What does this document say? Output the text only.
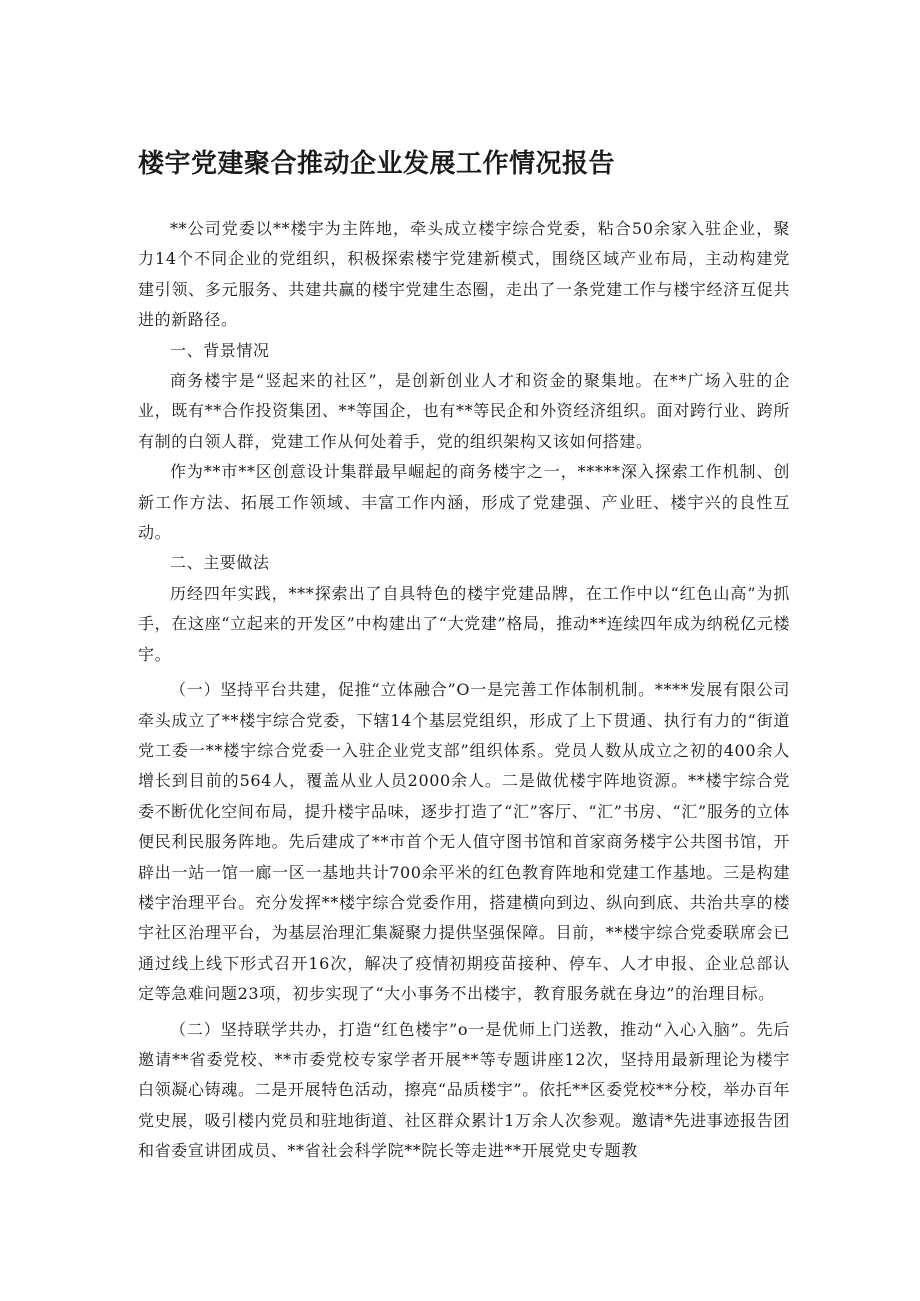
楼宇党建聚合推动企业发展工作情况报告

**公司党委以**楼宇为主阵地，牵头成立楼宇综合党委，粘合50余家入驻企业，聚力14个不同企业的党组织，积极探索楼宇党建新模式，围绕区域产业布局，主动构建党建引领、多元服务、共建共赢的楼宇党建生态圈，走出了一条党建工作与楼宇经济互促共进的新路径。

一、背景情况

商务楼宇是“竖起来的社区”，是创新创业人才和资金的聚集地。在**广场入驻的企业，既有**合作投资集团、**等国企，也有**等民企和外资经济组织。面对跨行业、跨所有制的白领人群，党建工作从何处着手，党的组织架构又该如何搭建。

作为**市**区创意设计集群最早崛起的商务楼宇之一，*****深入探索工作机制、创新工作方法、拓展工作领域、丰富工作内涵，形成了党建强、产业旺、楼宇兴的良性互动。

二、主要做法

历经四年实践，***探索出了自具特色的楼宇党建品牌，在工作中以“红色山高”为抓手，在这座“立起来的开发区”中构建出了“大党建”格局，推动**连续四年成为纳税亿元楼宇。

（一）坚持平台共建，促推“立体融合”O一是完善工作体制机制。****发展有限公司牵头成立了**楼宇综合党委，下辖14个基层党组织，形成了上下贯通、执行有力的“街道党工委一**楼宇综合党委一入驻企业党支部”组织体系。党员人数从成立之初的400余人增长到目前的564人，覆盖从业人员2000余人。二是做优楼宇阵地资源。**楼宇综合党委不断优化空间布局，提升楼宇品味，逐步打造了“汇”客厅、“汇”书房、“汇”服务的立体便民利民服务阵地。先后建成了**市首个无人值守图书馆和首家商务楼宇公共图书馆，开辟出一站一馆一廊一区一基地共计700余平米的红色教育阵地和党建工作基地。三是构建楼宇治理平台。充分发挥**楼宇综合党委作用，搭建横向到边、纵向到底、共治共享的楼宇社区治理平台，为基层治理汇集凝聚力提供坚强保障。目前，**楼宇综合党委联席会已通过线上线下形式召开16次，解决了疫情初期疫苗接种、停车、人才申报、企业总部认定等急难问题23项，初步实现了“大小事务不出楼宇，教育服务就在身边”的治理目标。

（二）坚持联学共办，打造“红色楼宇”o一是优师上门送教，推动“入心入脑”。先后邀请**省委党校、**市委党校专家学者开展**等专题讲座12次，坚持用最新理论为楼宇白领凝心铸魂。二是开展特色活动，擦亮“品质楼宇”。依托**区委党校**分校，举办百年党史展，吸引楼内党员和驻地街道、社区群众累计1万余人次参观。邀请*先进事迹报告团和省委宣讲团成员、**省社会科学院**院长等走进**开展党史专题教
